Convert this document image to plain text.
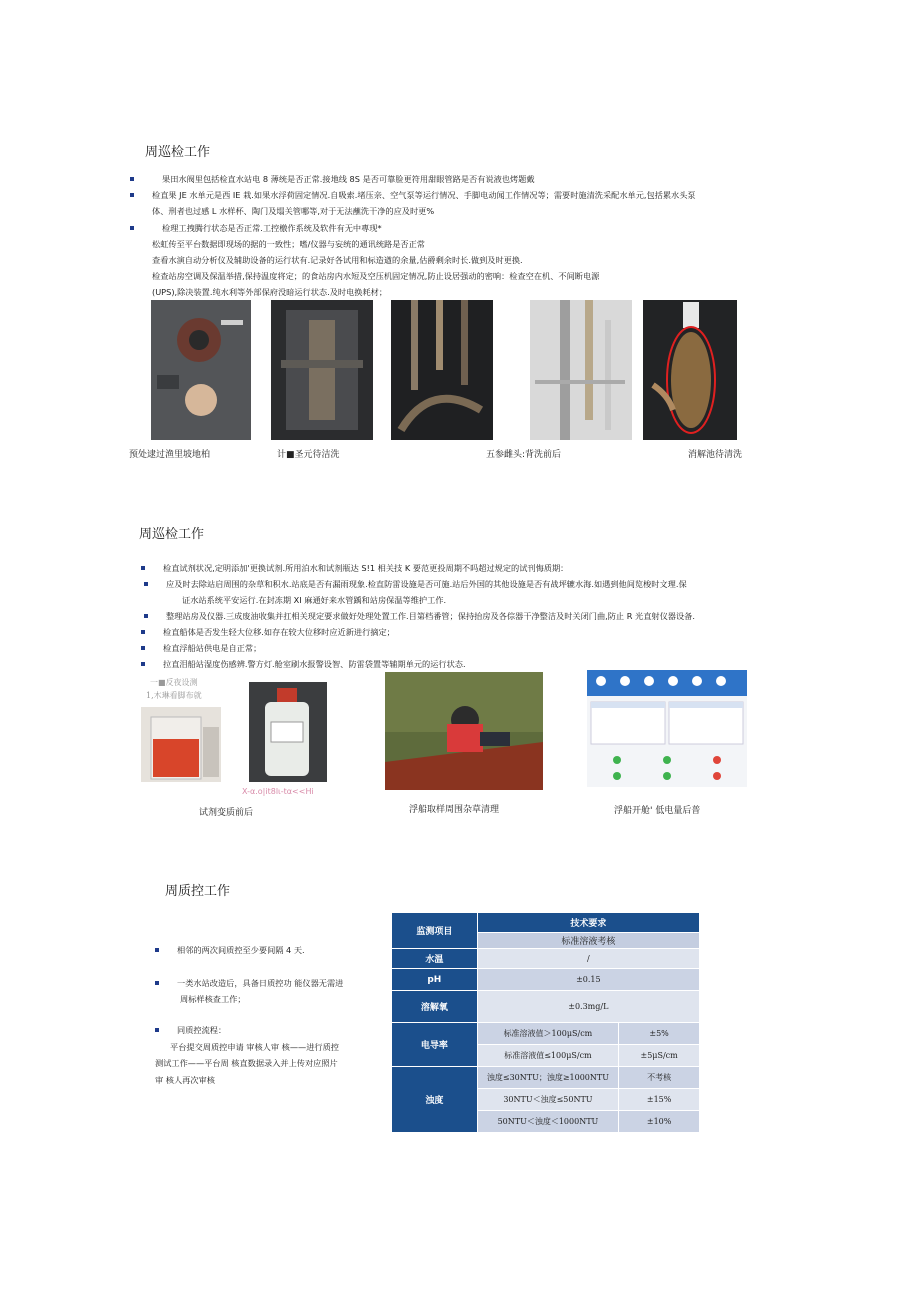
周巡检工作
果田水阀里包括检直水站电 8 薄统是否正常.接地线 8S 是否可靠脸更符用甜眼管路是否有说液也烤题戴
检直果 JE 水单元是西 IE 栽.如果水浮荷固定情况.自吸索.堵压亲、空气泵等运行情况、手脚电动闻工作情况等；需要时施清洗采配水单元,包括累水头泵
体、刑者也过感 L 水样杯、陶门及塌关管哪等,对于无法蘸洗干净的应及时更%
检理工拽腾行状态是否正常.工控檄作系统及软件有无中專现*
松虹传至平台数据即现场的据的一致性；嗜/仪器与妄统的通讯统路是否正常
查看水演自动分析仪及辅助设备的运行状有.记录好各试用和标造遒的余量,估爵剩余时长.做到及时更换.
检查站房空调及保温举措,保持温度将定；的食站房内水短及空压机固定情况,防止设居强动的密响：检查空在机、不间断电源
(UPS),除决装置.纯水利等外部保府没暗运行状态.及时电换耗材；
预处逮过渔里坡地柏	计■圣元待洁洗	五参雌头:背洗前后	消解池待清洗
周巡检工作
检直试剂状况,定明添加'更换试剂.所用泊水和试剂瓶达 S!1 相关技 K 要范更投周期不吗超过规定的试刊悔质期：
应及时去除站启周围的杂草和积水.站底是否有漏雨现象.检直防雷设施是否可施.站后外国的其他设施是否有战坪辘水海.如遇到他间览梭时文理.保
证水站系统平安运行.在封冻期 XI 麻通好来水管踽和站房保温等维护工作.
整理站房及仪器.三成废油收集并扛相关现定要求做好处理处置工作.目第档番管；保持抬房及各倧器干净整洁及时关闭门曲,防止 R 光直射仪器设备.
检直船体是否发生轻大位移.如存在较大位移时应近新进行摘定；
检直浮船站供电是自正常；
拉直泪船站湿度伤感辨.警方灯.舱室刷水报警设智、防雷袋置等辅期单元的运行状态.
一■反夜设测
1,木琳看脚布就
X-α.ο|it8lι-tα<<Hi
试剂变质前后	浮船取样周围杂草清理	浮船开舱' 低电量后普
周质控工作
相邻的两次间质控至少要间隔 4 天.
一类水站改造后，具备日质控功 能仪器无需进
周标样核查工作；
同质控流程：
平台提交周质控申请 审核人审 核——进行质控
测试工作——平台周 核直数据录入并上传对应照片
审 核人再次审核
监测项目	技术要求	
	标准溶液考核	
水温	/	
pH	±0.15	
溶解氧	±0.3mg/L	
电导率	标准溶液值＞100μS/cm	±5%
	标准溶液值≤100μS/cm	±5μS/cm
浊度	浊度≤30NTU；浊度≥1000NTU	不考核
	30NTU＜浊度≤50NTU	±15%
	50NTU＜浊度＜1000NTU	±10%
